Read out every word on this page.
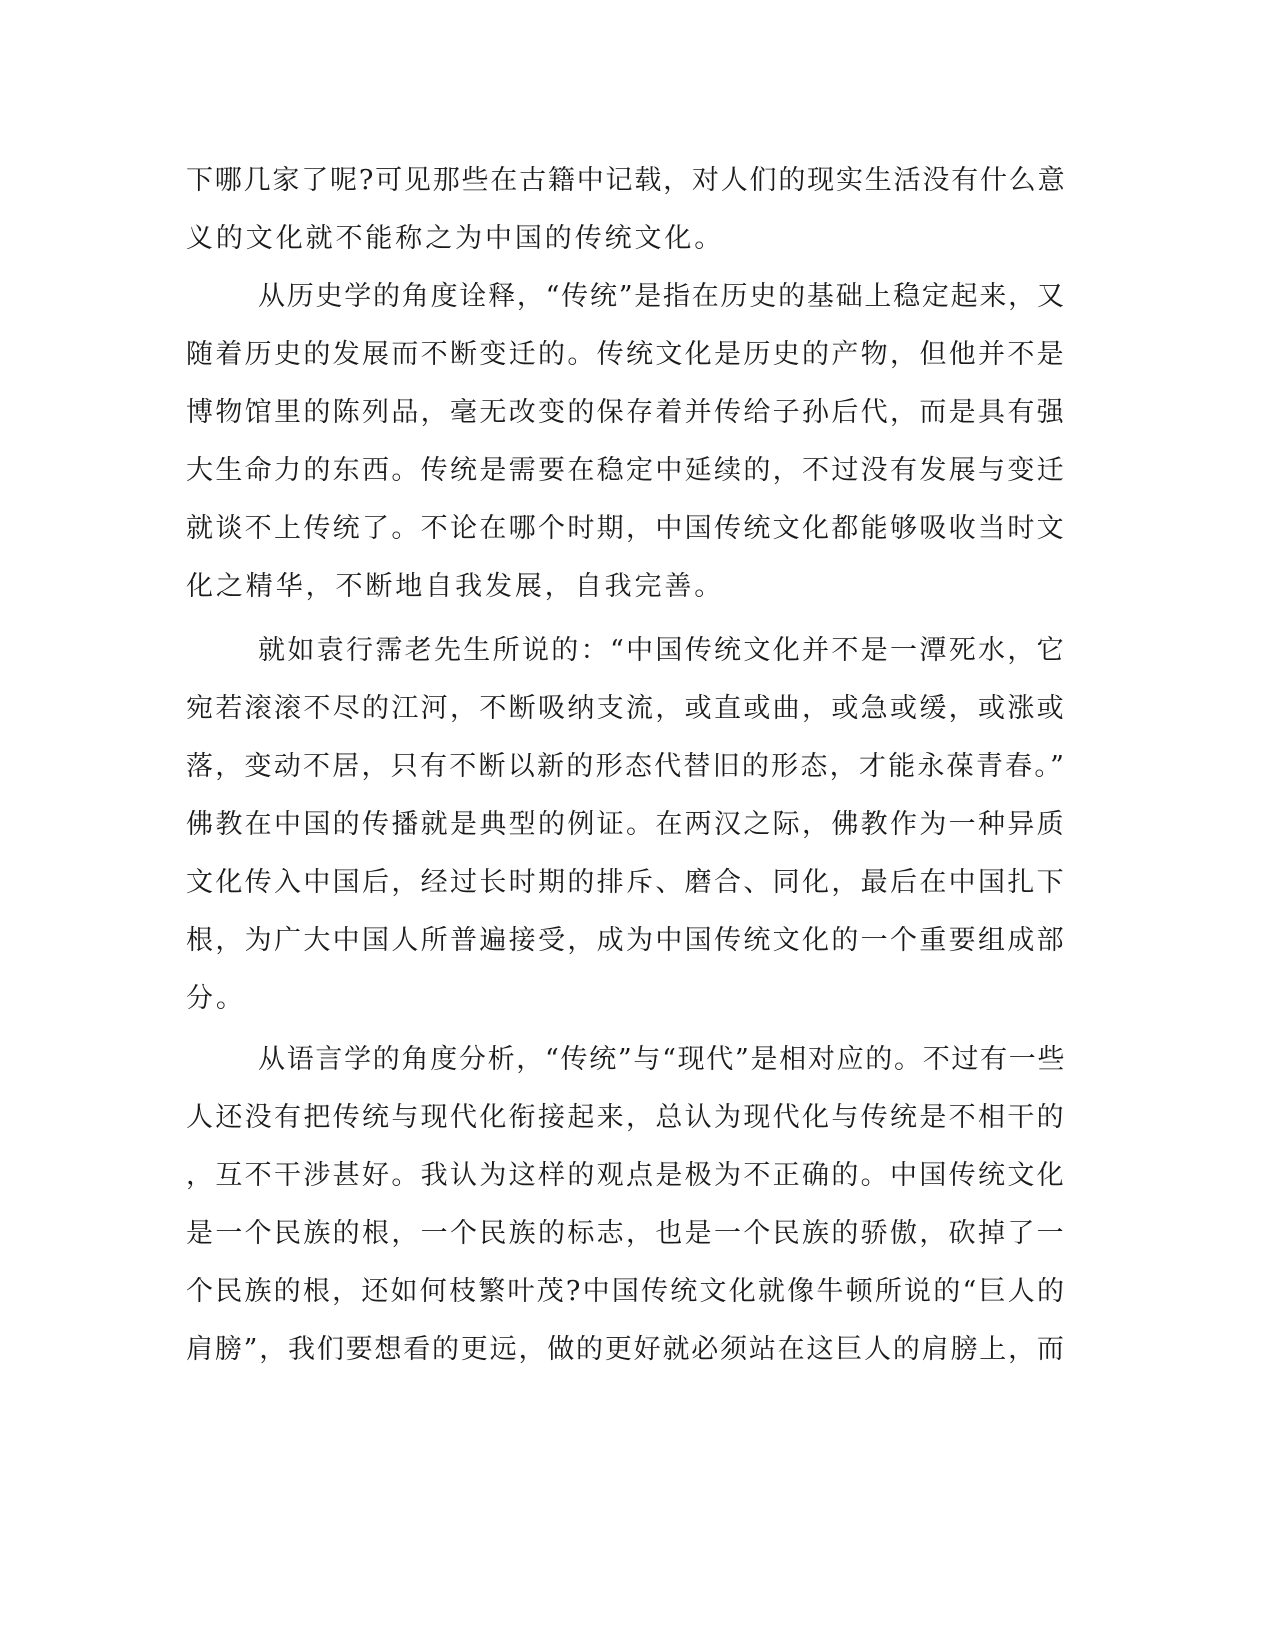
下哪几家了呢?可见那些在古籍中记载，对人们的现实生活没有什么意
义的文化就不能称之为中国的传统文化。
从历史学的角度诠释，“传统”是指在历史的基础上稳定起来，又
随着历史的发展而不断变迁的。传统文化是历史的产物，但他并不是
博物馆里的陈列品，毫无改变的保存着并传给子孙后代，而是具有强
大生命力的东西。传统是需要在稳定中延续的，不过没有发展与变迁
就谈不上传统了。不论在哪个时期，中国传统文化都能够吸收当时文
化之精华，不断地自我发展，自我完善。
就如袁行霈老先生所说的：“中国传统文化并不是一潭死水，它
宛若滚滚不尽的江河，不断吸纳支流，或直或曲，或急或缓，或涨或
落，变动不居，只有不断以新的形态代替旧的形态，才能永葆青春。”
佛教在中国的传播就是典型的例证。在两汉之际，佛教作为一种异质
文化传入中国后，经过长时期的排斥、磨合、同化，最后在中国扎下
根，为广大中国人所普遍接受，成为中国传统文化的一个重要组成部
分。
从语言学的角度分析，“传统”与“现代”是相对应的。不过有一些
人还没有把传统与现代化衔接起来，总认为现代化与传统是不相干的
，互不干涉甚好。我认为这样的观点是极为不正确的。中国传统文化
是一个民族的根，一个民族的标志，也是一个民族的骄傲，砍掉了一
个民族的根，还如何枝繁叶茂?中国传统文化就像牛顿所说的“巨人的
肩膀”，我们要想看的更远，做的更好就必须站在这巨人的肩膀上，而
